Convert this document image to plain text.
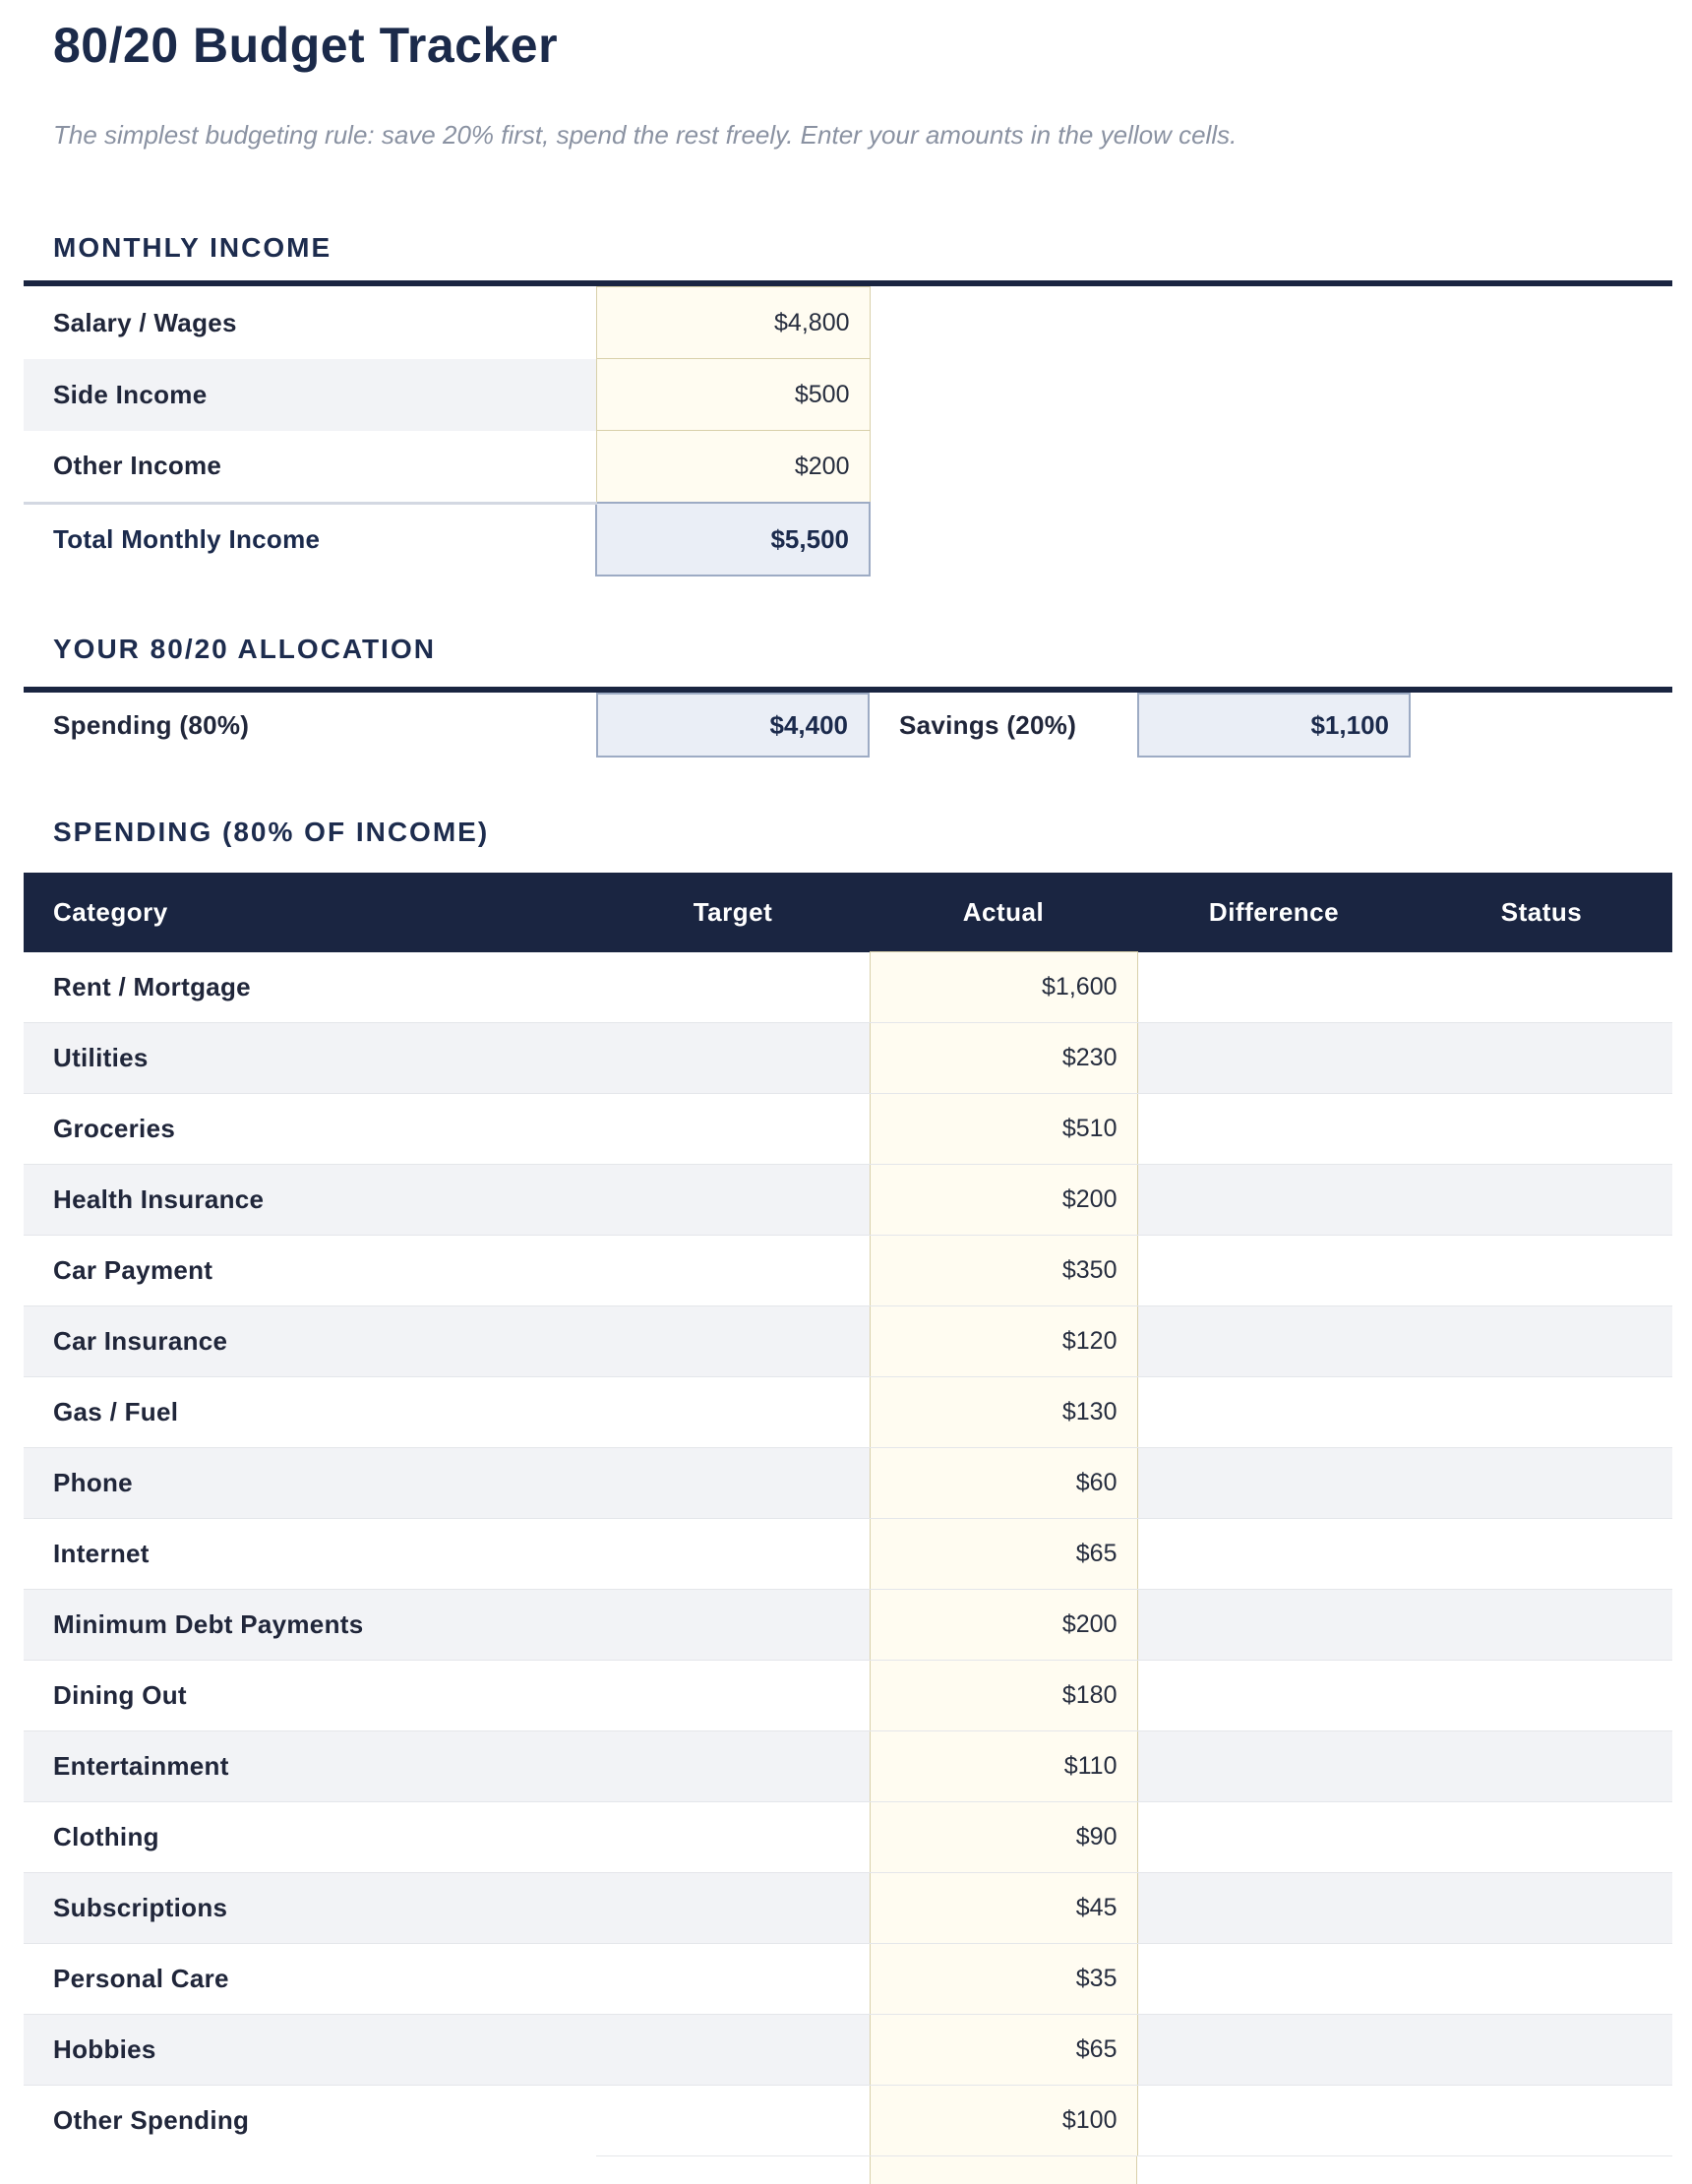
80/20 Budget Tracker

The simplest budgeting rule: save 20% first, spend the rest freely. Enter your amounts in the yellow cells.

MONTHLY INCOME
Salary / Wages	$4,800
Side Income	$500
Other Income	$200
Total Monthly Income	$5,500
YOUR 80/20 ALLOCATION
Spending (80%)	$4,400	Savings (20%)	$1,100
SPENDING (80% OF INCOME)
Category	Target	Actual	Difference	Status
Rent / Mortgage		$1,600		
Utilities		$230		
Groceries		$510		
Health Insurance		$200		
Car Payment		$350		
Car Insurance		$120		
Gas / Fuel		$130		
Phone		$60		
Internet		$65		
Minimum Debt Payments		$200		
Dining Out		$180		
Entertainment		$110		
Clothing		$90		
Subscriptions		$45		
Personal Care		$35		
Hobbies		$65		
Other Spending		$100		
